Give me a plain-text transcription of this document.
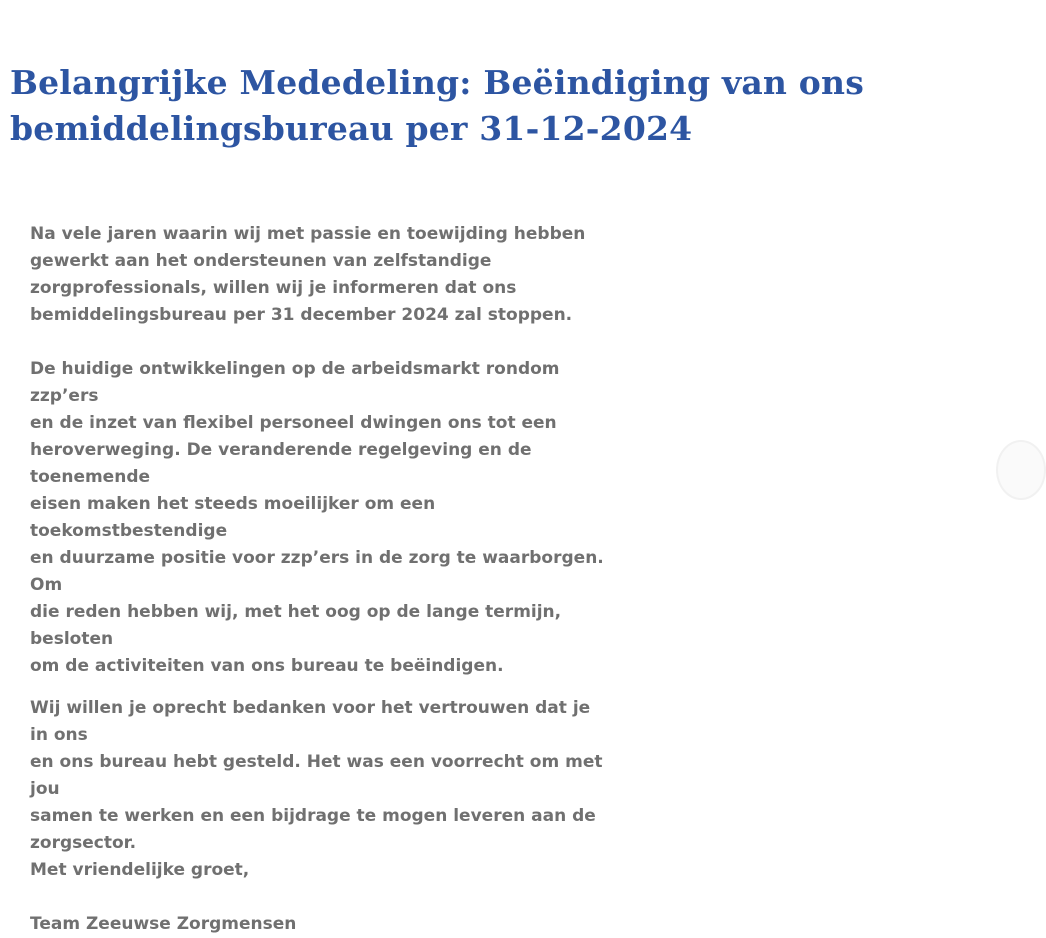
Belangrijke Mededeling: Beëindiging van ons bemiddelingsbureau per 31-12-2024

Na vele jaren waarin wij met passie en toewijding hebben
gewerkt aan het ondersteunen van zelfstandige
zorgprofessionals, willen wij je informeren dat ons
bemiddelingsbureau per 31 december 2024 zal stoppen.

De huidige ontwikkelingen op de arbeidsmarkt rondom zzp’ers
en de inzet van flexibel personeel dwingen ons tot een
heroverweging. De veranderende regelgeving en de toenemende
eisen maken het steeds moeilijker om een toekomstbestendige
en duurzame positie voor zzp’ers in de zorg te waarborgen. Om
die reden hebben wij, met het oog op de lange termijn, besloten
om de activiteiten van ons bureau te beëindigen.

Wij willen je oprecht bedanken voor het vertrouwen dat je in ons
en ons bureau hebt gesteld. Het was een voorrecht om met jou
samen te werken en een bijdrage te mogen leveren aan de
zorgsector.
Met vriendelijke groet,

Team Zeeuwse Zorgmensen
